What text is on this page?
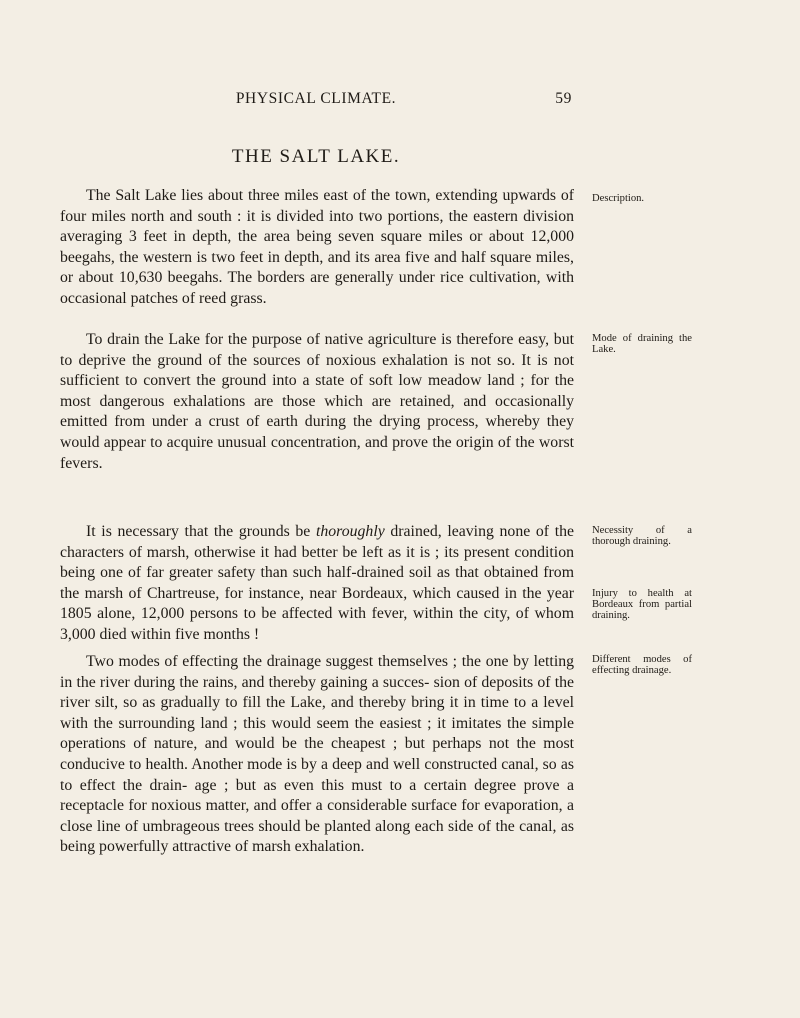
PHYSICAL CLIMATE.	59
THE SALT LAKE.

The Salt Lake lies about three miles east of the town, extending upwards of four miles north and south : it is divided into two portions, the eastern division averaging 3 feet in depth, the area being seven square miles or about 12,000 beegahs, the western is two feet in depth, and its area five and half square miles, or about 10,630 beegahs. The borders are generally under rice cultivation, with occasional patches of reed grass.

To drain the Lake for the purpose of native agriculture is therefore easy, but to deprive the ground of the sources of noxious exhalation is not so. It is not sufficient to convert the ground into a state of soft low meadow land ; for the most dangerous exhalations are those which are retained, and occasionally emitted from under a crust of earth during the drying process, whereby they would appear to acquire unusual concentration, and prove the origin of the worst fevers.

It is necessary that the grounds be thoroughly drained, leaving none of the characters of marsh, otherwise it had better be left as it is ; its present condition being one of far greater safety than such half-drained soil as that obtained from the marsh of Chartreuse, for instance, near Bordeaux, which caused in the year 1805 alone, 12,000 persons to be affected with fever, within the city, of whom 3,000 died within five months !

Two modes of effecting the drainage suggest themselves ; the one by letting in the river during the rains, and thereby gaining a succes- sion of deposits of the river silt, so as gradually to fill the Lake, and thereby bring it in time to a level with the surrounding land ; this would seem the easiest ; it imitates the simple operations of nature, and would be the cheapest ; but perhaps not the most conducive to health. Another mode is by a deep and well constructed canal, so as to effect the drain- age ; but as even this must to a certain degree prove a receptacle for noxious matter, and offer a considerable surface for evaporation, a close line of umbrageous trees should be planted along each side of the canal, as being powerfully attractive of marsh exhalation.

Description.

Mode of draining the Lake.

Necessity of a thorough draining.

Injury to health at Bordeaux from partial draining.

Different modes of effecting drainage.
